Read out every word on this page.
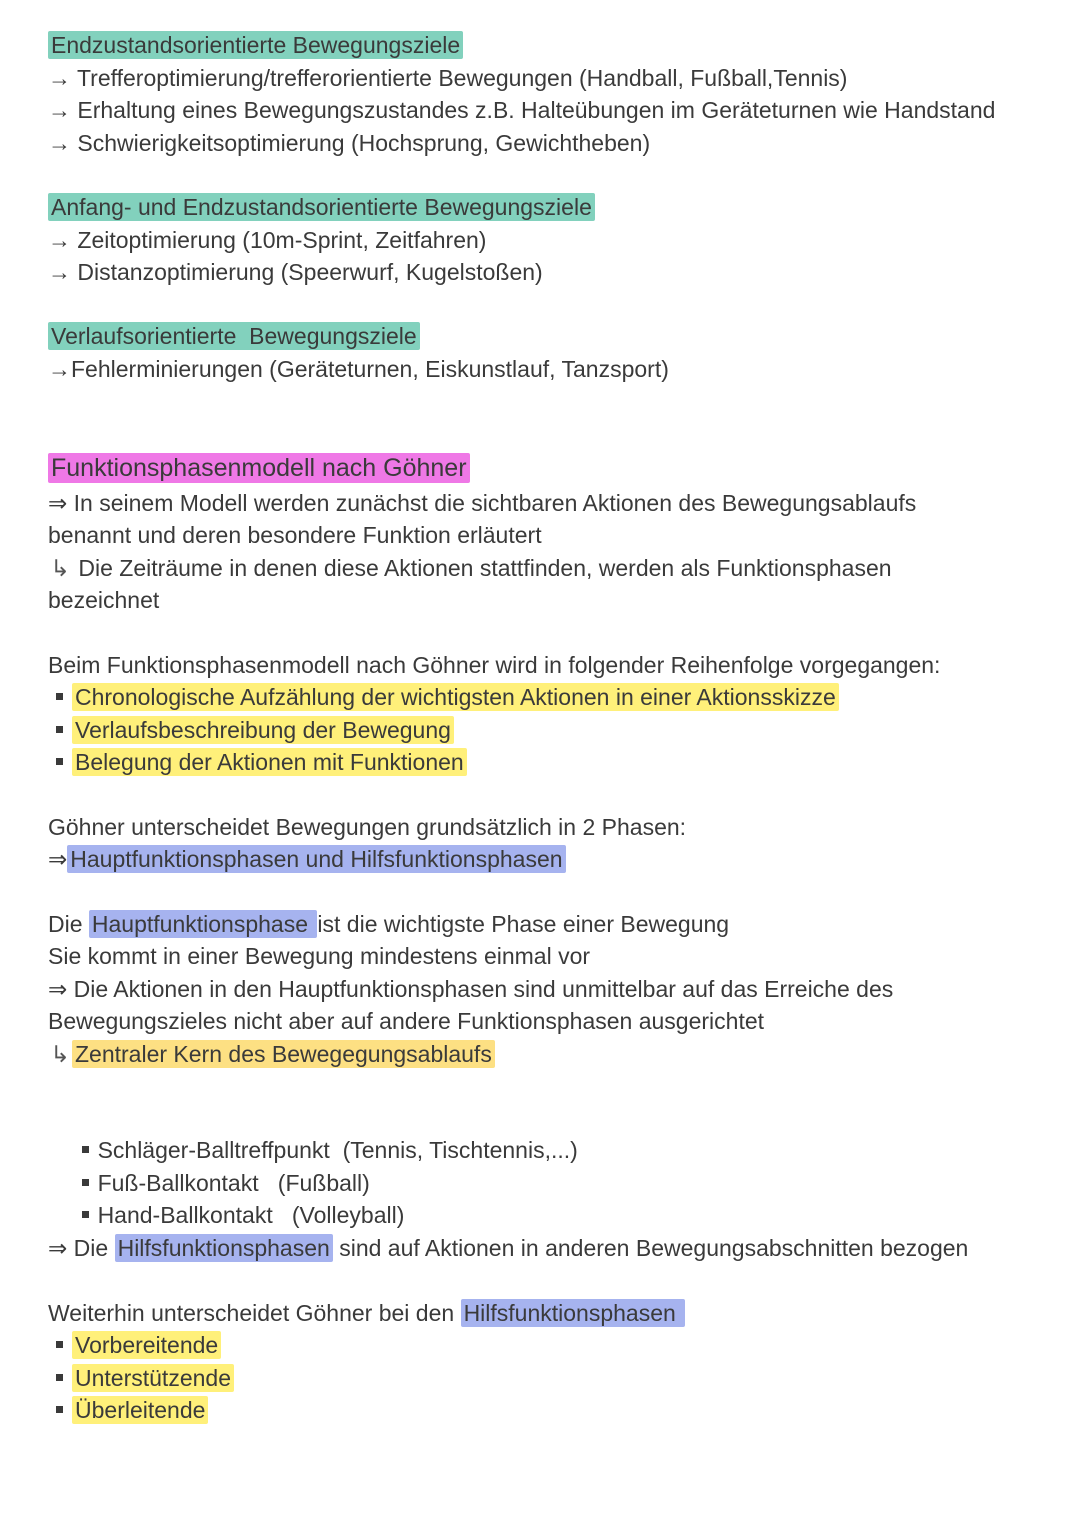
Endzustandsorientierte Bewegungsziele
→ Trefferoptimierung/trefferorientierte Bewegungen (Handball, Fußball,Tennis)
→ Erhaltung eines Bewegungszustandes z.B. Halteübungen im Geräteturnen wie Handstand
→ Schwierigkeitsoptimierung (Hochsprung, Gewichtheben)
Anfang- und Endzustandsorientierte Bewegungsziele
→ Zeitoptimierung (10m-Sprint, Zeitfahren)
→ Distanzoptimierung (Speerwurf, Kugelstoßen)
Verlaufsorientierte  Bewegungsziele
→Fehlerminierungen (Geräteturnen, Eiskunstlauf, Tanzsport)
Funktionsphasenmodell nach Göhner
⇒ In seinem Modell werden zunächst die sichtbaren Aktionen des Bewegungsablaufs
benannt und deren besondere Funktion erläutert
↳ Die Zeiträume in denen diese Aktionen stattfinden, werden als Funktionsphasen
bezeichnet
Beim Funktionsphasenmodell nach Göhner wird in folgender Reihenfolge vorgegangen:
Chronologische Aufzählung der wichtigsten Aktionen in einer Aktionsskizze
Verlaufsbeschreibung der Bewegung
Belegung der Aktionen mit Funktionen
Göhner unterscheidet Bewegungen grundsätzlich in 2 Phasen:
⇒ Hauptfunktionsphasen und Hilfsfunktionsphasen
Die Hauptfunktionsphase ist die wichtigste Phase einer Bewegung
Sie kommt in einer Bewegung mindestens einmal vor
⇒ Die Aktionen in den Hauptfunktionsphasen sind unmittelbar auf das Erreiche des
Bewegungszieles nicht aber auf andere Funktionsphasen ausgerichtet
↳ Zentraler Kern des Bewegegungsablaufs

Schläger-Balltreffpunkt  (Tennis, Tischtennis,...)

Fuß-Ballkontakt   (Fußball)

Hand-Ballkontakt   (Volleyball)

⇒ Die Hilfsfunktionsphasen sind auf Aktionen in anderen Bewegungsabschnitten bezogen
Weiterhin unterscheidet Göhner bei den Hilfsfunktionsphasen
Vorbereitende
Unterstützende
Überleitende
